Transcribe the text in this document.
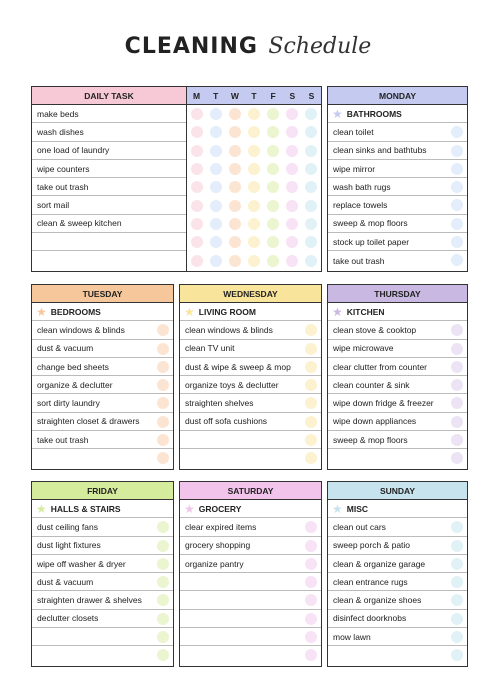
CLEANING Schedule
DAILY TASK
make beds
wash dishes
one load of laundry
wipe counters
take out trash
sort mail
clean & sweep kitchen
M	T	W	T	F	S	S	MONDAY
★ BATHROOMS
clean toilet
clean sinks and bathtubs
wipe mirror
wash bath rugs
replace towels
sweep & mop floors
stock up toilet paper
take out trash
TUESDAY
★ BEDROOMS
clean windows & blinds
dust & vacuum
change bed sheets
organize & declutter
sort dirty laundry
straighten closet & drawers
take out trash
WEDNESDAY
★ LIVING ROOM
clean windows & blinds
clean TV unit
dust & wipe & sweep & mop
organize toys & declutter
straighten shelves
dust off sofa cushions
THURSDAY
★ KITCHEN
clean stove & cooktop
wipe microwave
clear clutter from counter
clean counter & sink
wipe down fridge & freezer
wipe down appliances
sweep & mop floors
FRIDAY
★ HALLS & STAIRS
dust ceiling fans
dust light fixtures
wipe off washer & dryer
dust & vacuum
straighten drawer & shelves
declutter closets
SATURDAY
★ GROCERY
clear expired items
grocery shopping
organize pantry
SUNDAY
★ MISC
clean out cars
sweep porch & patio
clean & organize garage
clean entrance rugs
clean & organize shoes
disinfect doorknobs
mow lawn
